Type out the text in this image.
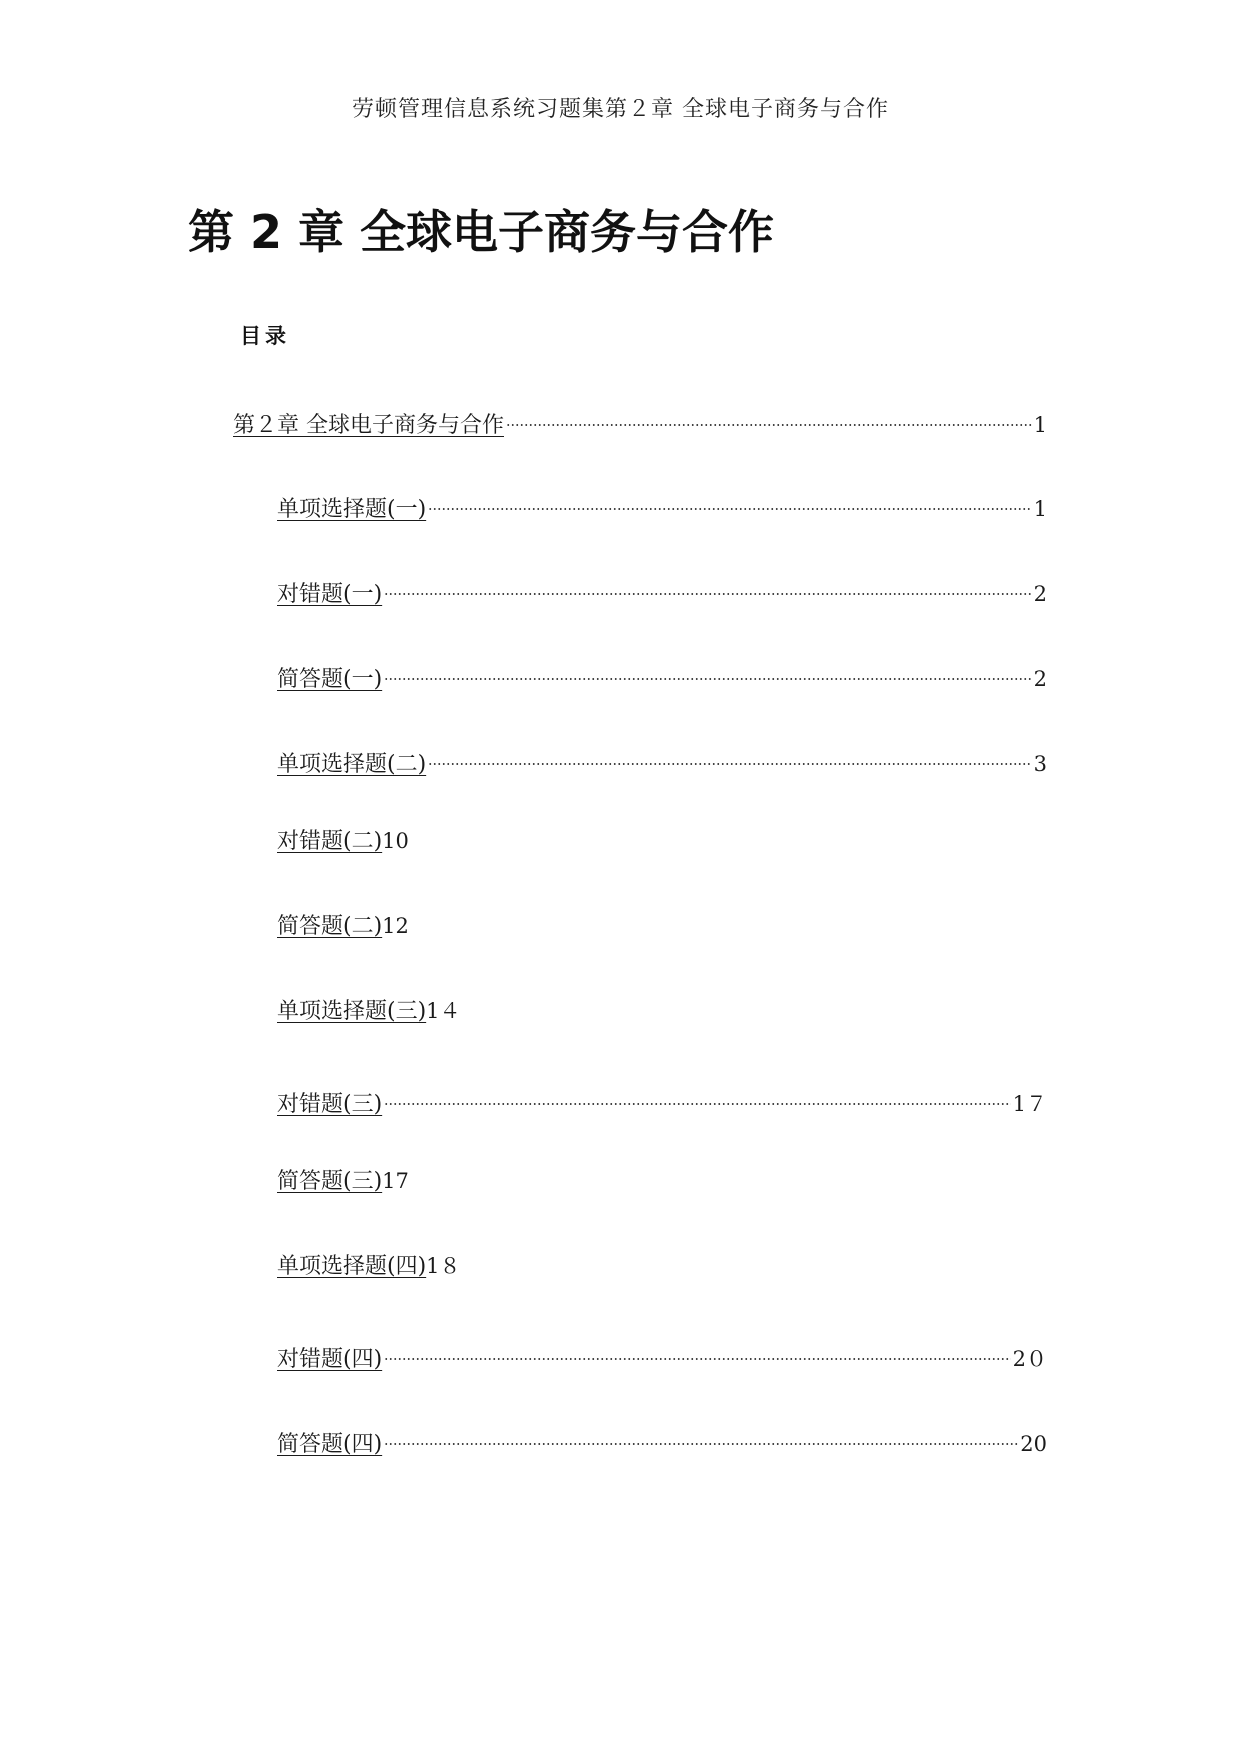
劳顿管理信息系统习题集第２章 全球电子商务与合作
第 2 章 全球电子商务与合作
目录
第２章 全球电子商务与合作	1
单项选择题(一)	1
对错题(一)	2
简答题(一)	2
单项选择题(二)	3
对错题(二) 10
简答题(二) 12
单项选择题(三) 1４
对错题(三)	1７
简答题(三) 17
单项选择题(四) 1８
对错题(四)	2０
简答题(四)	20
